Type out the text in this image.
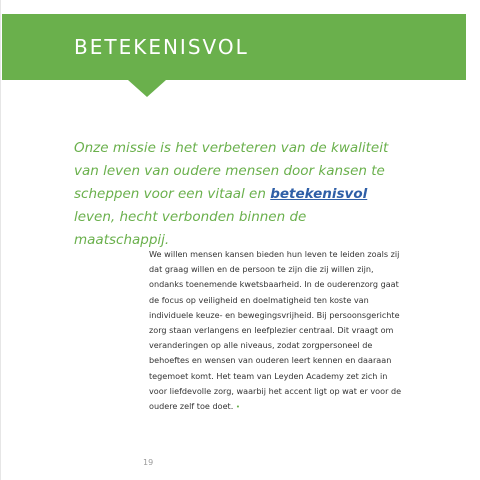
BETEKENISVOL

Onze missie is het verbeteren van de kwaliteit van leven van oudere mensen door kansen te scheppen voor een vitaal en betekenisvol leven, hecht verbonden binnen de maatschappij.

We willen mensen kansen bieden hun leven te leiden zoals zij dat graag willen en de persoon te zijn die zij willen zijn, ondanks toenemende kwetsbaarheid. In de ouderenzorg gaat de focus op veiligheid en doelmatigheid ten koste van individuele keuze- en bewegingsvrijheid. Bij persoonsgerichte zorg staan verlangens en leefplezier centraal. Dit vraagt om veranderingen op alle niveaus, zodat zorgpersoneel de behoeftes en wensen van ouderen leert kennen en daaraan tegemoet komt. Het team van Leyden Academy zet zich in voor liefdevolle zorg, waarbij het accent ligt op wat er voor de oudere zelf toe doet. •

19
